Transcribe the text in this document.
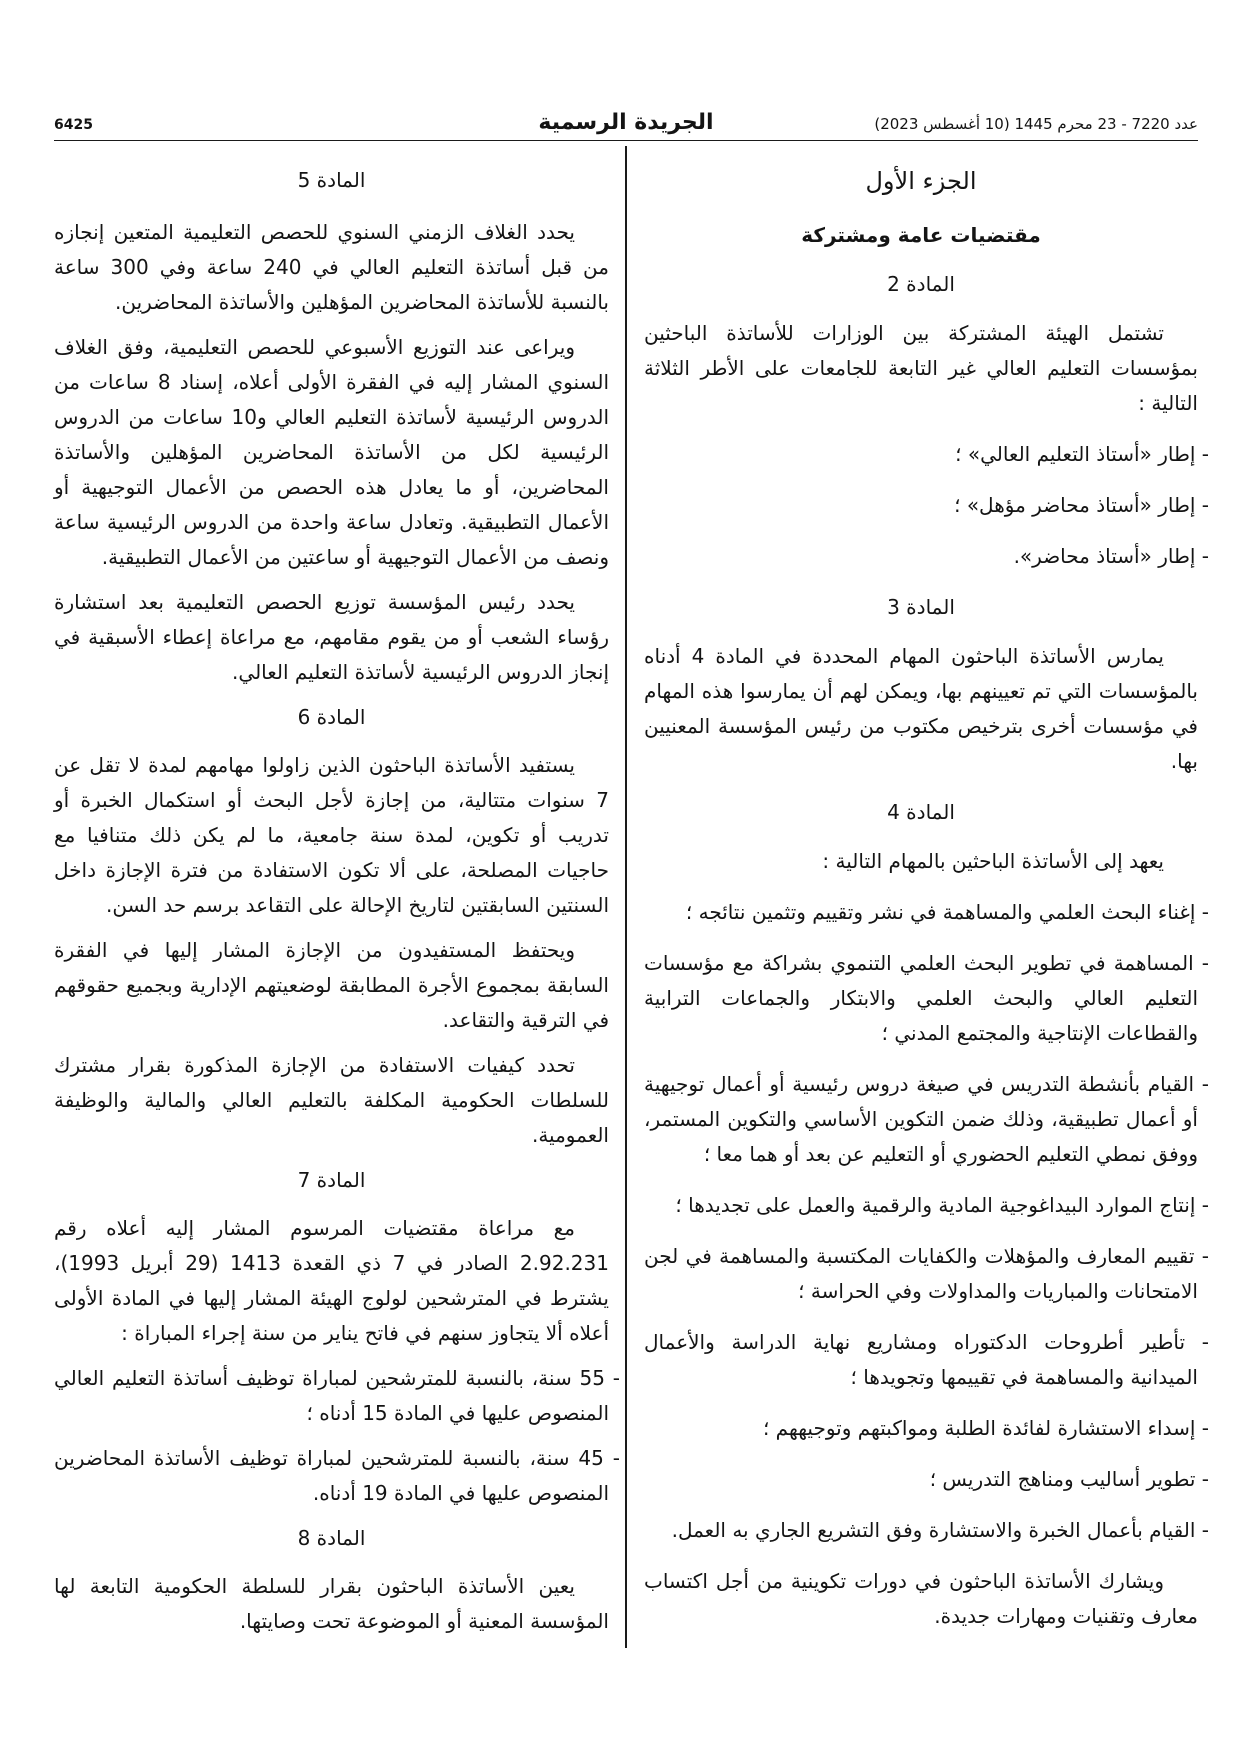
6425	الجريدة الرسمية	عدد 7220 - 23 محرم 1445 (10 أغسطس 2023)
الجزء الأول
مقتضيات عامة ومشتركة
المادة 2

تشتمل الهيئة المشتركة بين الوزارات للأساتذة الباحثين بمؤسسات التعليم العالي غير التابعة للجامعات على الأطر الثلاثة التالية :

- إطار «أستاذ التعليم العالي» ؛

- إطار «أستاذ محاضر مؤهل» ؛

- إطار «أستاذ محاضر».

المادة 3

يمارس الأساتذة الباحثون المهام المحددة في المادة 4 أدناه بالمؤسسات التي تم تعيينهم بها، ويمكن لهم أن يمارسوا هذه المهام في مؤسسات أخرى بترخيص مكتوب من رئيس المؤسسة المعنيين بها.

المادة 4

يعهد إلى الأساتذة الباحثين بالمهام التالية :

- إغناء البحث العلمي والمساهمة في نشر وتقييم وتثمين نتائجه ؛

- المساهمة في تطوير البحث العلمي التنموي بشراكة مع مؤسسات التعليم العالي والبحث العلمي والابتكار والجماعات الترابية والقطاعات الإنتاجية والمجتمع المدني ؛

- القيام بأنشطة التدريس في صيغة دروس رئيسية أو أعمال توجيهية أو أعمال تطبيقية، وذلك ضمن التكوين الأساسي والتكوين المستمر، ووفق نمطي التعليم الحضوري أو التعليم عن بعد أو هما معا ؛

- إنتاج الموارد البيداغوجية المادية والرقمية والعمل على تجديدها ؛

- تقييم المعارف والمؤهلات والكفايات المكتسبة والمساهمة في لجن الامتحانات والمباريات والمداولات وفي الحراسة ؛

- تأطير أطروحات الدكتوراه ومشاريع نهاية الدراسة والأعمال الميدانية والمساهمة في تقييمها وتجويدها ؛

- إسداء الاستشارة لفائدة الطلبة ومواكبتهم وتوجيههم ؛

- تطوير أساليب ومناهج التدريس ؛

- القيام بأعمال الخبرة والاستشارة وفق التشريع الجاري به العمل.

ويشارك الأساتذة الباحثون في دورات تكوينية من أجل اكتساب معارف وتقنيات ومهارات جديدة.

المادة 5

يحدد الغلاف الزمني السنوي للحصص التعليمية المتعين إنجازه من قبل أساتذة التعليم العالي في 240 ساعة وفي 300 ساعة بالنسبة للأساتذة المحاضرين المؤهلين والأساتذة المحاضرين.

ويراعى عند التوزيع الأسبوعي للحصص التعليمية، وفق الغلاف السنوي المشار إليه في الفقرة الأولى أعلاه، إسناد 8 ساعات من الدروس الرئيسية لأساتذة التعليم العالي و10 ساعات من الدروس الرئيسية لكل من الأساتذة المحاضرين المؤهلين والأساتذة المحاضرين، أو ما يعادل هذه الحصص من الأعمال التوجيهية أو الأعمال التطبيقية. وتعادل ساعة واحدة من الدروس الرئيسية ساعة ونصف من الأعمال التوجيهية أو ساعتين من الأعمال التطبيقية.

يحدد رئيس المؤسسة توزيع الحصص التعليمية بعد استشارة رؤساء الشعب أو من يقوم مقامهم، مع مراعاة إعطاء الأسبقية في إنجاز الدروس الرئيسية لأساتذة التعليم العالي.

المادة 6

يستفيد الأساتذة الباحثون الذين زاولوا مهامهم لمدة لا تقل عن 7 سنوات متتالية، من إجازة لأجل البحث أو استكمال الخبرة أو تدريب أو تكوين، لمدة سنة جامعية، ما لم يكن ذلك متنافيا مع حاجيات المصلحة، على ألا تكون الاستفادة من فترة الإجازة داخل السنتين السابقتين لتاريخ الإحالة على التقاعد برسم حد السن.

ويحتفظ المستفيدون من الإجازة المشار إليها في الفقرة السابقة بمجموع الأجرة المطابقة لوضعيتهم الإدارية وبجميع حقوقهم في الترقية والتقاعد.

تحدد كيفيات الاستفادة من الإجازة المذكورة بقرار مشترك للسلطات الحكومية المكلفة بالتعليم العالي والمالية والوظيفة العمومية.

المادة 7

مع مراعاة مقتضيات المرسوم المشار إليه أعلاه رقم 2.92.231 الصادر في 7 ذي القعدة 1413 (29 أبريل 1993)، يشترط في المترشحين لولوج الهيئة المشار إليها في المادة الأولى أعلاه ألا يتجاوز سنهم في فاتح يناير من سنة إجراء المباراة :

- 55 سنة، بالنسبة للمترشحين لمباراة توظيف أساتذة التعليم العالي المنصوص عليها في المادة 15 أدناه ؛

- 45 سنة، بالنسبة للمترشحين لمباراة توظيف الأساتذة المحاضرين المنصوص عليها في المادة 19 أدناه.

المادة 8

يعين الأساتذة الباحثون بقرار للسلطة الحكومية التابعة لها المؤسسة المعنية أو الموضوعة تحت وصايتها.
